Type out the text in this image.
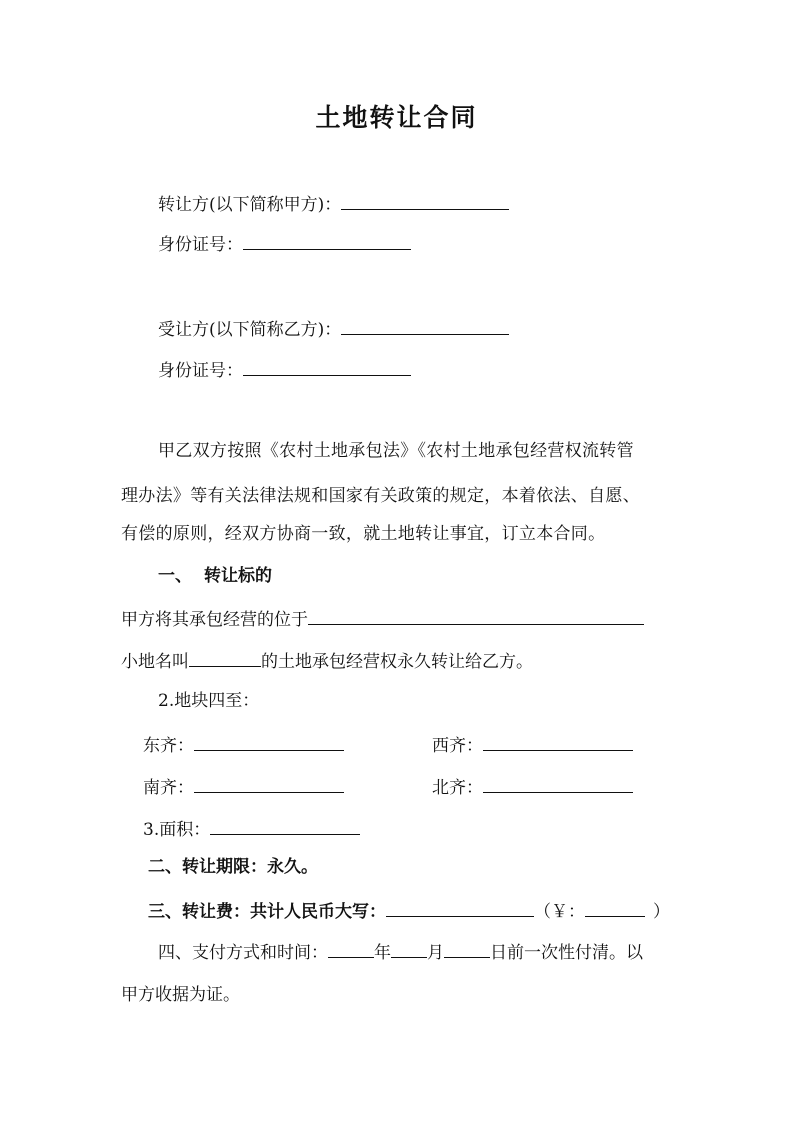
土地转让合同
转让方(以下简称甲方)：
身份证号：
受让方(以下简称乙方)：
身份证号：
甲乙双方按照《农村土地承包法》《农村土地承包经营权流转管
理办法》等有关法律法规和国家有关政策的规定，本着依法、自愿、
有偿的原则，经双方协商一致，就土地转让事宜，订立本合同。
一、 转让标的
甲方将其承包经营的位于
小地名叫	的土地承包经营权永久转让给乙方。
2.地块四至：
东齐：	西齐：
南齐：	北齐：
3.面积：
二、转让期限：永久。
三、转让费：共计人民币大写：	（￥：	）
四、支付方式和时间：	年 月	日前一次性付清。以
甲方收据为证。
